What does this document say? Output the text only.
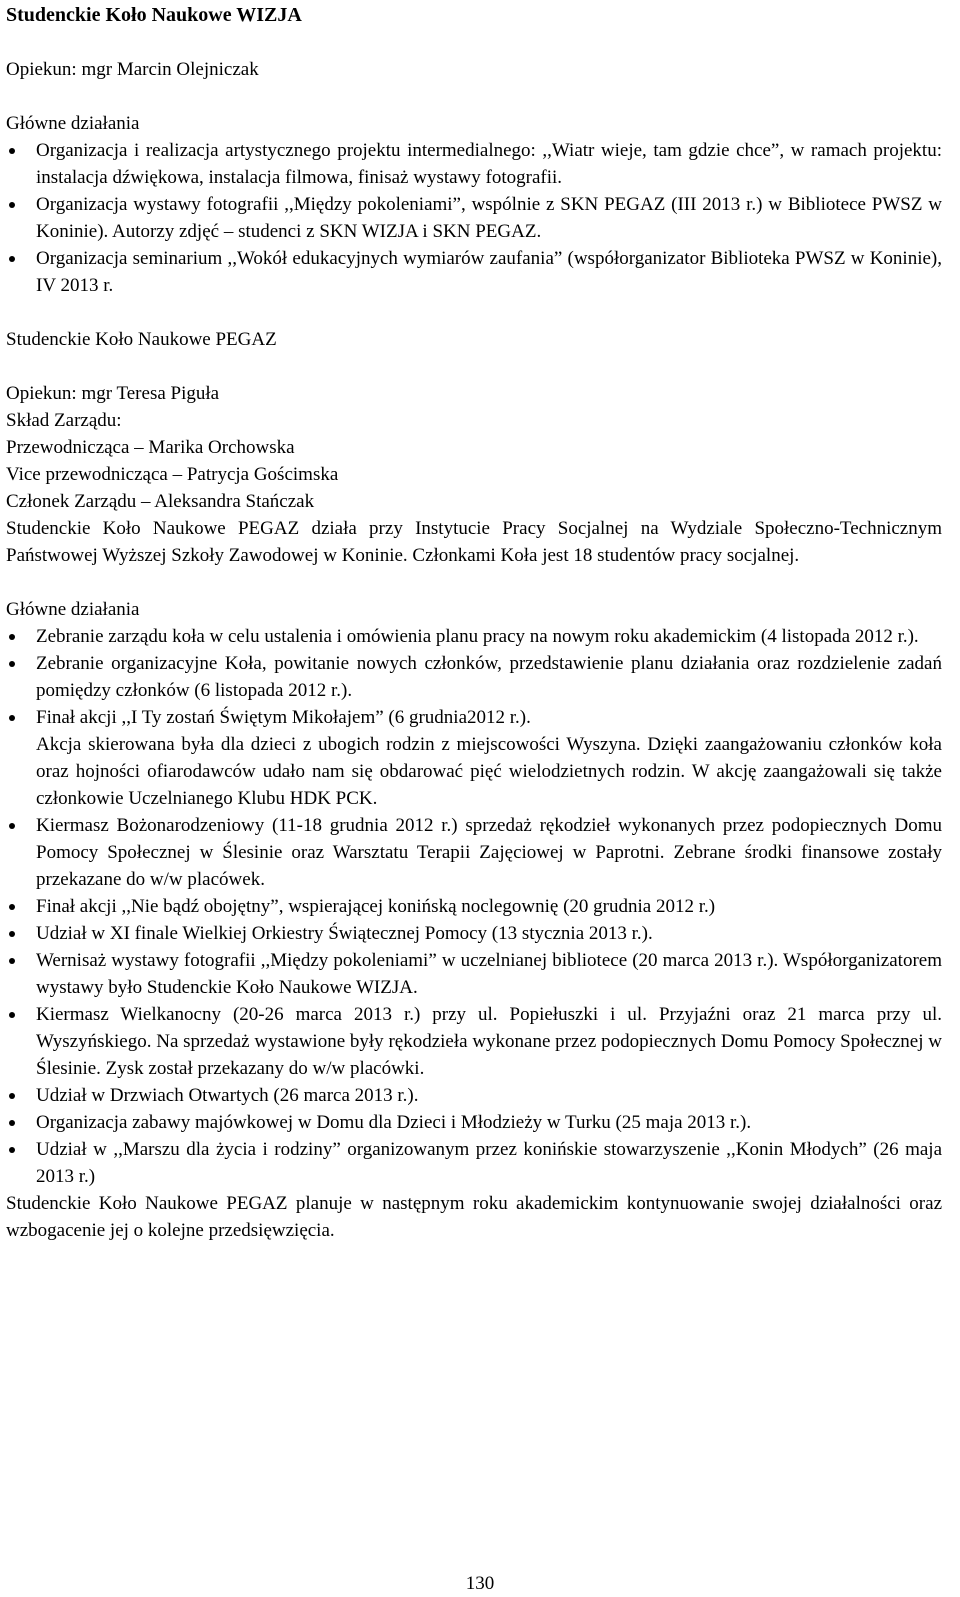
Studenckie Koło Naukowe WIZJA
Opiekun: mgr Marcin Olejniczak
Główne działania
Organizacja i realizacja artystycznego projektu intermedialnego: ,,Wiatr wieje, tam gdzie chce”, w ramach projektu: instalacja dźwiękowa, instalacja filmowa, finisaż wystawy fotografii.
Organizacja wystawy fotografii ,,Między pokoleniami”, wspólnie z SKN PEGAZ (III 2013 r.) w Bibliotece PWSZ w Koninie). Autorzy zdjęć – studenci z SKN WIZJA i SKN PEGAZ.
Organizacja seminarium ,,Wokół edukacyjnych wymiarów zaufania” (współorganizator Biblioteka PWSZ w Koninie), IV 2013 r.
Studenckie Koło Naukowe PEGAZ
Opiekun: mgr Teresa Piguła
Skład Zarządu:
Przewodnicząca – Marika Orchowska
Vice przewodnicząca – Patrycja Gościmska
Członek Zarządu – Aleksandra Stańczak
Studenckie Koło Naukowe PEGAZ działa przy Instytucie Pracy Socjalnej na Wydziale Społeczno-Technicznym Państwowej Wyższej Szkoły Zawodowej w Koninie. Członkami Koła jest 18 studentów pracy socjalnej.
Główne działania
Zebranie zarządu koła w celu ustalenia i omówienia planu pracy na nowym roku akademickim (4 listopada 2012 r.).
Zebranie organizacyjne Koła, powitanie nowych członków, przedstawienie planu działania oraz rozdzielenie zadań pomiędzy członków (6 listopada 2012 r.).
Finał akcji ,,I Ty zostań Świętym Mikołajem” (6 grudnia2012 r.).
Akcja skierowana była dla dzieci z ubogich rodzin z miejscowości Wyszyna. Dzięki zaangażowaniu członków koła oraz hojności ofiarodawców udało nam się obdarować pięć wielodzietnych rodzin. W akcję zaangażowali się także członkowie Uczelnianego Klubu HDK PCK.
Kiermasz Bożonarodzeniowy (11-18 grudnia 2012 r.) sprzedaż rękodzieł wykonanych przez podopiecznych Domu Pomocy Społecznej w Ślesinie oraz Warsztatu Terapii Zajęciowej w Paprotni. Zebrane środki finansowe zostały przekazane do w/w placówek.
Finał akcji ,,Nie bądź obojętny”, wspierającej konińską noclegownię (20 grudnia 2012 r.)
Udział w XI finale Wielkiej Orkiestry Świątecznej Pomocy (13 stycznia 2013 r.).
Wernisaż wystawy fotografii ,,Między pokoleniami” w uczelnianej bibliotece (20 marca 2013 r.). Współorganizatorem wystawy było Studenckie Koło Naukowe WIZJA.
Kiermasz Wielkanocny (20-26 marca 2013 r.) przy ul. Popiełuszki i ul. Przyjaźni oraz 21 marca przy ul. Wyszyńskiego. Na sprzedaż wystawione były rękodzieła wykonane przez podopiecznych Domu Pomocy Społecznej w Ślesinie. Zysk został przekazany do w/w placówki.
Udział w Drzwiach Otwartych (26 marca 2013 r.).
Organizacja zabawy majówkowej w Domu dla Dzieci i Młodzieży w Turku (25 maja 2013 r.).
Udział w ,,Marszu dla życia i rodziny” organizowanym przez konińskie stowarzyszenie ,,Konin Młodych” (26 maja 2013 r.)
Studenckie Koło Naukowe PEGAZ planuje w następnym roku akademickim kontynuowanie swojej działalności oraz wzbogacenie jej o kolejne przedsięwzięcia.
130
